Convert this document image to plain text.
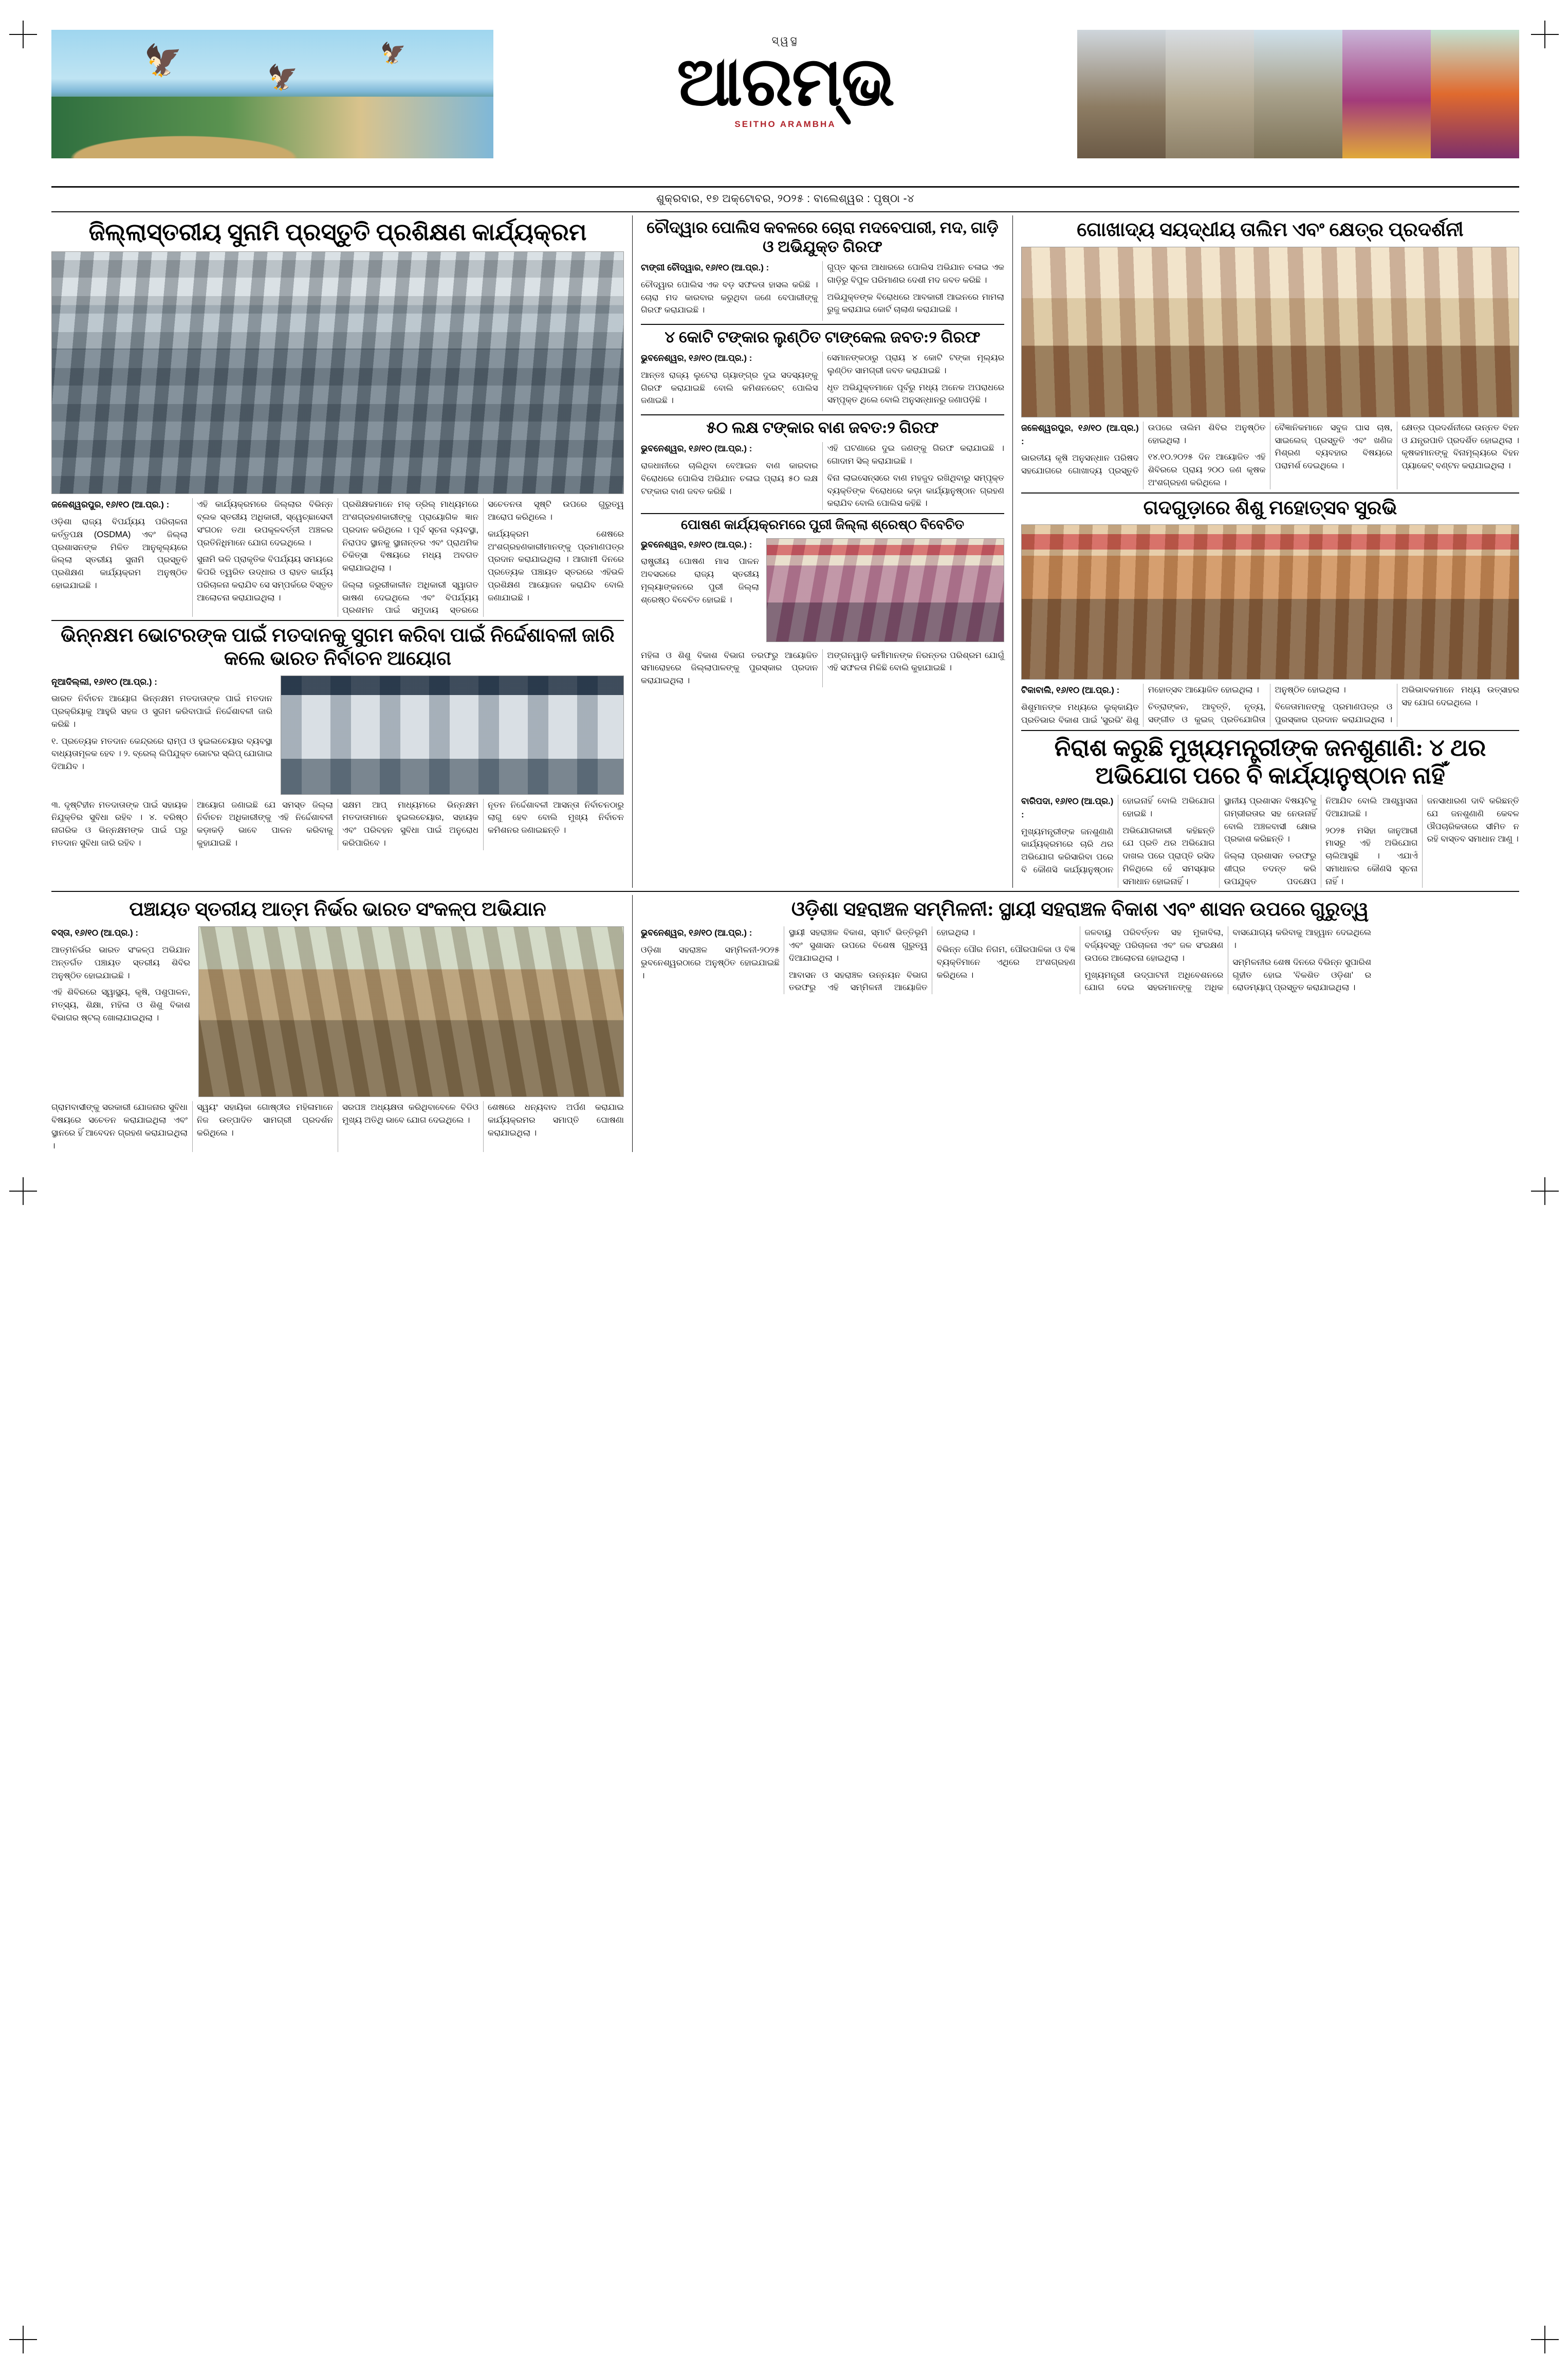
🦅
🦅
🦅
ସ୍ୱସ୍ଥ
ଆରମ୍ଭ
SEITHO ARAMBHA
ଶୁକ୍ରବାର, ୧୭ ଅକ୍ଟୋବର, ୨୦୨୫ : ବାଲେଶ୍ୱର : ପୃଷ୍ଠା -୪
ଜିଲ୍ଲାସ୍ତରୀୟ ସୁନାମି ପ୍ରସ୍ତୁତି ପ୍ରଶିକ୍ଷଣ କାର୍ଯ୍ୟକ୍ରମ

ଜଳେଶ୍ୱରପୁର, ୧୬/୧୦ (ଆ.ପ୍ର.) :

ଓଡ଼ିଶା ରାଜ୍ୟ ବିପର୍ଯ୍ୟୟ ପରିଚାଳନା କର୍ତ୍ତୃପକ୍ଷ (OSDMA) ଏବଂ ଜିଲ୍ଲା ପ୍ରଶାସନଙ୍କ ମିଳିତ ଆନୁକୂଲ୍ୟରେ ଜିଲ୍ଲା ସ୍ତରୀୟ ସୁନାମି ପ୍ରସ୍ତୁତି ପ୍ରଶିକ୍ଷଣ କାର୍ଯ୍ୟକ୍ରମ ଅନୁଷ୍ଠିତ ହୋଇଯାଇଛି ।

ଏହି କାର୍ଯ୍ୟକ୍ରମରେ ଜିଲ୍ଲାର ବିଭିନ୍ନ ବ୍ଲକ ସ୍ତରୀୟ ଅଧିକାରୀ, ସ୍ୱେଚ୍ଛାସେବୀ ସଂଗଠନ ତଥା ଉପକୂଳବର୍ତ୍ତୀ ଅଞ୍ଚଳର ପ୍ରତିନିଧିମାନେ ଯୋଗ ଦେଇଥିଲେ ।

ସୁନାମି ଭଳି ପ୍ରାକୃତିକ ବିପର୍ଯ୍ୟୟ ସମୟରେ କିପରି ତ୍ୱରିତ ଉଦ୍ଧାର ଓ ରାହତ କାର୍ଯ୍ୟ ପରିଚାଳନା କରାଯିବ ସେ ସମ୍ପର୍କରେ ବିସ୍ତୃତ ଆଲୋଚନା କରାଯାଇଥିଲା ।

ପ୍ରଶିକ୍ଷକମାନେ ମକ୍ ଡ୍ରିଲ୍ ମାଧ୍ୟମରେ ଅଂଶଗ୍ରହଣକାରୀଙ୍କୁ ପ୍ରାୟୋଗିକ ଜ୍ଞାନ ପ୍ରଦାନ କରିଥିଲେ । ପୂର୍ବ ସୂଚନା ବ୍ୟବସ୍ଥା, ନିରାପଦ ସ୍ଥାନକୁ ସ୍ଥାନାନ୍ତର ଏବଂ ପ୍ରାଥମିକ ଚିକିତ୍ସା ବିଷୟରେ ମଧ୍ୟ ଅବଗତ କରାଯାଇଥିଲା ।

ଜିଲ୍ଲା ଜରୁରୀକାଳୀନ ଅଧିକାରୀ ସ୍ୱାଗତ ଭାଷଣ ଦେଇଥିଲେ ଏବଂ ବିପର୍ଯ୍ୟୟ ପ୍ରଶମନ ପାଇଁ ସମୁଦାୟ ସ୍ତରରେ ସଚେତନତା ସୃଷ୍ଟି ଉପରେ ଗୁରୁତ୍ୱ ଆରୋପ କରିଥିଲେ ।

କାର୍ଯ୍ୟକ୍ରମ ଶେଷରେ ଅଂଶଗ୍ରହଣକାରୀମାନଙ୍କୁ ପ୍ରମାଣପତ୍ର ପ୍ରଦାନ କରାଯାଇଥିଲା । ଆଗାମୀ ଦିନରେ ପ୍ରତ୍ୟେକ ପଞ୍ଚାୟତ ସ୍ତରରେ ଏହିଭଳି ପ୍ରଶିକ୍ଷଣ ଆୟୋଜନ କରାଯିବ ବୋଲି ଜଣାଯାଇଛି ।

ଭିନ୍ନକ୍ଷମ ଭୋଟରଙ୍କ ପାଇଁ ମତଦାନକୁ ସୁଗମ କରିବା ପାଇଁ ନିର୍ଦ୍ଦେଶାବଳୀ ଜାରି କଲେ ଭାରତ ନିର୍ବାଚନ ଆୟୋଗ

ନୂଆଦିଲ୍ଲୀ, ୧୬/୧୦ (ଆ.ପ୍ର.) :

ଭାରତ ନିର୍ବାଚନ ଆୟୋଗ ଭିନ୍ନକ୍ଷମ ମତଦାତାଙ୍କ ପାଇଁ ମତଦାନ ପ୍ରକ୍ରିୟାକୁ ଆହୁରି ସହଜ ଓ ସୁଗମ କରିବାପାଇଁ ନିର୍ଦ୍ଦେଶାବଳୀ ଜାରି କରିଛି ।

୧. ପ୍ରତ୍ୟେକ ମତଦାନ କେନ୍ଦ୍ରରେ ରାମ୍ପ ଓ ହୁଇଲଚେୟାର ବ୍ୟବସ୍ଥା ବାଧ୍ୟତାମୂଳକ ହେବ । ୨. ବ୍ରେଲ୍ ଲିପିଯୁକ୍ତ ଭୋଟର ସ୍ଲିପ୍ ଯୋଗାଇ ଦିଆଯିବ ।

୩. ଦୃଷ୍ଟିହୀନ ମତଦାତାଙ୍କ ପାଇଁ ସହାୟକ ନିଯୁକ୍ତିର ସୁବିଧା ରହିବ । ୪. ବରିଷ୍ଠ ନାଗରିକ ଓ ଭିନ୍ନକ୍ଷମଙ୍କ ପାଇଁ ଘରୁ ମତଦାନ ସୁବିଧା ଜାରି ରହିବ ।

ଆୟୋଗ ଜଣାଇଛି ଯେ ସମସ୍ତ ଜିଲ୍ଲା ନିର୍ବାଚନ ଅଧିକାରୀଙ୍କୁ ଏହି ନିର୍ଦ୍ଦେଶାବଳୀ କଡ଼ାକଡ଼ି ଭାବେ ପାଳନ କରିବାକୁ କୁହାଯାଇଛି ।

ସକ୍ଷମ ଆପ୍ ମାଧ୍ୟମରେ ଭିନ୍ନକ୍ଷମ ମତଦାତାମାନେ ହୁଇଲଚେୟାର, ସହାୟକ ଏବଂ ପରିବହନ ସୁବିଧା ପାଇଁ ଅନୁରୋଧ କରିପାରିବେ ।

ନୂତନ ନିର୍ଦ୍ଦେଶାବଳୀ ଆସନ୍ତା ନିର୍ବାଚନଠାରୁ ଲାଗୁ ହେବ ବୋଲି ମୁଖ୍ୟ ନିର୍ବାଚନ କମିଶନର ଜଣାଇଛନ୍ତି ।

ଚୌଦ୍ୱାର ପୋଲିସ କବଳରେ ଚୋରା ମଦବେପାରୀ, ମଦ, ଗାଡ଼ି ଓ ଅଭିଯୁକ୍ତ ଗିରଫ

ଟାଙ୍ଗୀ ଚୌଦ୍ୱାର, ୧୬/୧୦ (ଆ.ପ୍ର.) :

ଚୌଦ୍ୱାର ପୋଲିସ ଏକ ବଡ଼ ସଫଳତା ହାସଲ କରିଛି । ଚୋରା ମଦ କାରବାର କରୁଥିବା ଜଣେ ବେପାରୀଙ୍କୁ ଗିରଫ କରାଯାଇଛି ।

ଗୁପ୍ତ ସୂଚନା ଆଧାରରେ ପୋଲିସ ଅଭିଯାନ ଚଳାଇ ଏକ ଗାଡ଼ିରୁ ବିପୁଳ ପରିମାଣର ଦେଶୀ ମଦ ଜବତ କରିଛି ।

ଅଭିଯୁକ୍ତଙ୍କ ବିରୋଧରେ ଆବକାରୀ ଆଇନରେ ମାମଲା ରୁଜୁ କରାଯାଇ କୋର୍ଟ ଚାଲାଣ କରାଯାଇଛି ।

୪ କୋଟି ଟଙ୍କାର ଲୁଣ୍ଠିତ ଟାଙ୍କେଲ ଜବତ:୨ ଗିରଫ

ଭୁବନେଶ୍ୱର, ୧୬/୧୦ (ଆ.ପ୍ର.) :

ଆନ୍ତଃ ରାଜ୍ୟ ଲୁଟେରା ଗ୍ୟାଙ୍ଗ୍‌ର ଦୁଇ ସଦସ୍ୟଙ୍କୁ ଗିରଫ କରାଯାଇଛି ବୋଲି କମିଶନରେଟ୍ ପୋଲିସ ଜଣାଇଛି ।

ସେମାନଙ୍କଠାରୁ ପ୍ରାୟ ୪ କୋଟି ଟଙ୍କା ମୂଲ୍ୟର ଲୁଣ୍ଠିତ ସାମଗ୍ରୀ ଜବତ କରାଯାଇଛି ।

ଧୃତ ଅଭିଯୁକ୍ତମାନେ ପୂର୍ବରୁ ମଧ୍ୟ ଅନେକ ଅପରାଧରେ ସମ୍ପୃକ୍ତ ଥିଲେ ବୋଲି ଅନୁସନ୍ଧାନରୁ ଜଣାପଡ଼ିଛି ।

୫୦ ଲକ୍ଷ ଟଙ୍କାର ବାଣ ଜବତ:୨ ଗିରଫ

ଭୁବନେଶ୍ୱର, ୧୬/୧୦ (ଆ.ପ୍ର.) :

ରାଜଧାନୀରେ ଚାଲିଥିବା ବେଆଇନ ବାଣ କାରବାର ବିରୋଧରେ ପୋଲିସ ଅଭିଯାନ ଚଳାଇ ପ୍ରାୟ ୫୦ ଲକ୍ଷ ଟଙ୍କାର ବାଣ ଜବତ କରିଛି ।

ଏହି ଘଟଣାରେ ଦୁଇ ଜଣଙ୍କୁ ଗିରଫ କରାଯାଇଛି । ଗୋଦାମ ସିଲ୍ କରାଯାଇଛି ।

ବିନା ଲାଇସେନ୍ସରେ ବାଣ ମହଜୁଦ ରଖିଥିବାରୁ ସମ୍ପୃକ୍ତ ବ୍ୟକ୍ତିଙ୍କ ବିରୋଧରେ କଡ଼ା କାର୍ଯ୍ୟାନୁଷ୍ଠାନ ଗ୍ରହଣ କରାଯିବ ବୋଲି ପୋଲିସ କହିଛି ।

ପୋଷଣ କାର୍ଯ୍ୟକ୍ରମରେ ପୁରୀ ଜିଲ୍ଲା ଶ୍ରେଷ୍ଠ ବିବେଚିତ

ଭୁବନେଶ୍ୱର, ୧୬/୧୦ (ଆ.ପ୍ର.) :

ରାଷ୍ଟ୍ରୀୟ ପୋଷଣ ମାସ ପାଳନ ଅବସରରେ ରାଜ୍ୟ ସ୍ତରୀୟ ମୂଲ୍ୟାଙ୍କନରେ ପୁରୀ ଜିଲ୍ଲା ଶ୍ରେଷ୍ଠ ବିବେଚିତ ହୋଇଛି ।

ମହିଳା ଓ ଶିଶୁ ବିକାଶ ବିଭାଗ ତରଫରୁ ଆୟୋଜିତ ସମାରୋହରେ ଜିଲ୍ଲାପାଳଙ୍କୁ ପୁରସ୍କାର ପ୍ରଦାନ କରାଯାଇଥିଲା ।

ଅଙ୍ଗନୱାଡ଼ି କର୍ମୀମାନଙ୍କ ନିରନ୍ତର ପରିଶ୍ରମ ଯୋଗୁଁ ଏହି ସଫଳତା ମିଳିଛି ବୋଲି କୁହାଯାଇଛି ।

ଗୋଖାଦ୍ୟ ସୟଦ୍ଧୀୟ ତାଲିମ ଏବଂ କ୍ଷେତ୍ର ପ୍ରଦର୍ଶନୀ

ଜଳେଶ୍ୱରପୁର, ୧୬/୧୦ (ଆ.ପ୍ର.) :

ଭାରତୀୟ କୃଷି ଅନୁସନ୍ଧାନ ପରିଷଦ ସହଯୋଗରେ ଗୋଖାଦ୍ୟ ପ୍ରସ୍ତୁତି ଉପରେ ତାଲିମ ଶିବିର ଅନୁଷ୍ଠିତ ହୋଇଥିଲା ।

୧୪.୧୦.୨୦୨୫ ଦିନ ଆୟୋଜିତ ଏହି ଶିବିରରେ ପ୍ରାୟ ୨୦୦ ଜଣ କୃଷକ ଅଂଶଗ୍ରହଣ କରିଥିଲେ ।

ବୈଜ୍ଞାନିକମାନେ ସବୁଜ ଘାସ ଚାଷ, ସାଇଲେଜ୍ ପ୍ରସ୍ତୁତି ଏବଂ ଖଣିଜ ମିଶ୍ରଣ ବ୍ୟବହାର ବିଷୟରେ ପରାମର୍ଶ ଦେଇଥିଲେ ।

କ୍ଷେତ୍ର ପ୍ରଦର୍ଶନୀରେ ଉନ୍ନତ ବିହନ ଓ ଯନ୍ତ୍ରପାତି ପ୍ରଦର୍ଶିତ ହୋଇଥିଲା । କୃଷକମାନଙ୍କୁ ବିନାମୂଲ୍ୟରେ ବିହନ ପ୍ୟାକେଟ୍ ବଣ୍ଟନ କରାଯାଇଥିଲା ।

ଗଦଗୁଡ଼ାରେ ଶିଶୁ ମହୋତ୍ସବ ସୁରଭି

ଟିକାବାଲି, ୧୬/୧୦ (ଆ.ପ୍ର.) :

ଶିଶୁମାନଙ୍କ ମଧ୍ୟରେ ଲୁକ୍କାୟିତ ପ୍ରତିଭାର ବିକାଶ ପାଇଁ 'ସୁରଭି' ଶିଶୁ ମହୋତ୍ସବ ଆୟୋଜିତ ହୋଇଥିଲା ।

ଚିତ୍ରାଙ୍କନ, ଆବୃତ୍ତି, ନୃତ୍ୟ, ସଙ୍ଗୀତ ଓ କୁଇଜ୍ ପ୍ରତିଯୋଗିତା ଅନୁଷ୍ଠିତ ହୋଇଥିଲା ।

ବିଜେତାମାନଙ୍କୁ ପ୍ରମାଣପତ୍ର ଓ ପୁରସ୍କାର ପ୍ରଦାନ କରାଯାଇଥିଲା । ଅଭିଭାବକମାନେ ମଧ୍ୟ ଉତ୍ସାହର ସହ ଯୋଗ ଦେଇଥିଲେ ।

ନିରାଶ କରୁଛି ମୁଖ୍ୟମନ୍ତ୍ରୀଙ୍କ ଜନଶୁଣାଣି: ୪ ଥର ଅଭିଯୋଗ ପରେ ବି କାର୍ଯ୍ୟାନୁଷ୍ଠାନ ନାହିଁ

ବାରିପଦା, ୧୬/୧୦ (ଆ.ପ୍ର.) :

ମୁଖ୍ୟମନ୍ତ୍ରୀଙ୍କ ଜନଶୁଣାଣି କାର୍ଯ୍ୟକ୍ରମରେ ଚାରି ଥର ଅଭିଯୋଗ କରିସାରିବା ପରେ ବି କୌଣସି କାର୍ଯ୍ୟାନୁଷ୍ଠାନ ହୋଇନାହିଁ ବୋଲି ଅଭିଯୋଗ ହୋଇଛି ।

ଅଭିଯୋଗକାରୀ କହିଛନ୍ତି ଯେ ପ୍ରତି ଥର ଅଭିଯୋଗ ଦାଖଲ ପରେ ପ୍ରାପ୍ତି ରସିଦ ମିଳିଥିଲେ ହେଁ ସମସ୍ୟାର ସମାଧାନ ହୋଇନାହିଁ ।

ସ୍ଥାନୀୟ ପ୍ରଶାସନ ବିଷୟଟିକୁ ଗମ୍ଭୀରତାର ସହ ନେଉନାହିଁ ବୋଲି ଅଞ୍ଚଳବାସୀ କ୍ଷୋଭ ପ୍ରକାଶ କରିଛନ୍ତି ।

ଜିଲ୍ଲା ପ୍ରଶାସନ ତରଫରୁ ଶୀଘ୍ର ତଦନ୍ତ କରି ଉପଯୁକ୍ତ ପଦକ୍ଷେପ ନିଆଯିବ ବୋଲି ଆଶ୍ୱାସନା ଦିଆଯାଇଛି ।

୨୦୨୫ ମସିହା ଜାନୁଆରୀ ମାସରୁ ଏହି ଅଭିଯୋଗ ଚାଲିଆସୁଛି । ଏଯାଏଁ ସମାଧାନର କୌଣସି ସୂଚନା ନାହିଁ ।

ଜନସାଧାରଣ ଦାବି କରିଛନ୍ତି ଯେ ଜନଶୁଣାଣି କେବଳ ଔପଚାରିକତାରେ ସୀମିତ ନ ରହି ବାସ୍ତବ ସମାଧାନ ଆଣୁ ।

ପଞ୍ଚାୟତ ସ୍ତରୀୟ ଆତ୍ମ ନିର୍ଭର ଭାରତ ସଂକଳ୍ପ ଅଭିଯାନ

ବସ୍ତା, ୧୬/୧୦ (ଆ.ପ୍ର.) :

ଆତ୍ମନିର୍ଭର ଭାରତ ସଂକଳ୍ପ ଅଭିଯାନ ଅନ୍ତର୍ଗତ ପଞ୍ଚାୟତ ସ୍ତରୀୟ ଶିବିର ଅନୁଷ୍ଠିତ ହୋଇଯାଇଛି ।

ଏହି ଶିବିରରେ ସ୍ୱାସ୍ଥ୍ୟ, କୃଷି, ପଶୁପାଳନ, ମତ୍ସ୍ୟ, ଶିକ୍ଷା, ମହିଳା ଓ ଶିଶୁ ବିକାଶ ବିଭାଗର ଷ୍ଟଲ୍ ଖୋଲାଯାଇଥିଲା ।

ଗ୍ରାମବାସୀଙ୍କୁ ସରକାରୀ ଯୋଜନାର ସୁବିଧା ବିଷୟରେ ସଚେତନ କରାଯାଇଥିଲା ଏବଂ ସ୍ଥାନରେ ହିଁ ଆବେଦନ ଗ୍ରହଣ କରାଯାଇଥିଲା ।

ସ୍ୱୟଂ ସହାୟିକା ଗୋଷ୍ଠୀର ମହିଳାମାନେ ନିଜ ଉତ୍ପାଦିତ ସାମଗ୍ରୀ ପ୍ରଦର୍ଶନ କରିଥିଲେ ।

ସରପଞ୍ଚ ଅଧ୍ୟକ୍ଷତା କରିଥିବାବେଳେ ବିଡିଓ ମୁଖ୍ୟ ଅତିଥି ଭାବେ ଯୋଗ ଦେଇଥିଲେ ।

ଶେଷରେ ଧନ୍ୟବାଦ ଅର୍ପଣ କରାଯାଇ କାର୍ଯ୍ୟକ୍ରମର ସମାପ୍ତି ଘୋଷଣା କରାଯାଇଥିଲା ।

ଓଡ଼ିଶା ସହରାଞ୍ଚଳ ସମ୍ମିଳନୀ: ସ୍ଥାୟୀ ସହରାଞ୍ଚଳ ବିକାଶ ଏବଂ ଶାସନ ଉପରେ ଗୁରୁତ୍ୱ

ଭୁବନେଶ୍ୱର, ୧୬/୧୦ (ଆ.ପ୍ର.) :

ଓଡ଼ିଶା ସହରାଞ୍ଚଳ ସମ୍ମିଳନୀ-୨୦୨୫ ଭୁବନେଶ୍ୱରଠାରେ ଅନୁଷ୍ଠିତ ହୋଇଯାଇଛି ।

ସ୍ଥାୟୀ ସହରାଞ୍ଚଳ ବିକାଶ, ସ୍ମାର୍ଟ ଭିତ୍ତିଭୂମି ଏବଂ ସୁଶାସନ ଉପରେ ବିଶେଷ ଗୁରୁତ୍ୱ ଦିଆଯାଇଥିଲା ।

ଆବାସନ ଓ ସହରାଞ୍ଚଳ ଉନ୍ନୟନ ବିଭାଗ ତରଫରୁ ଏହି ସମ୍ମିଳନୀ ଆୟୋଜିତ ହୋଇଥିଲା ।

ବିଭିନ୍ନ ପୌର ନିଗମ, ପୌରପାଳିକା ଓ ବିଜ୍ଞ ବ୍ୟକ୍ତିମାନେ ଏଥିରେ ଅଂଶଗ୍ରହଣ କରିଥିଲେ ।

ଜଳବାୟୁ ପରିବର୍ତ୍ତନ ସହ ମୁକାବିଲା, ବର୍ଜ୍ୟବସ୍ତୁ ପରିଚାଳନା ଏବଂ ଜଳ ସଂରକ୍ଷଣ ଉପରେ ଆଲୋଚନା ହୋଇଥିଲା ।

ମୁଖ୍ୟମନ୍ତ୍ରୀ ଉଦ୍‌ଘାଟନୀ ଅଧିବେଶନରେ ଯୋଗ ଦେଇ ସହରମାନଙ୍କୁ ଅଧିକ ବାସଯୋଗ୍ୟ କରିବାକୁ ଆହ୍ୱାନ ଦେଇଥିଲେ ।

ସମ୍ମିଳନୀର ଶେଷ ଦିନରେ ବିଭିନ୍ନ ସୁପାରିଶ ଗୃହୀତ ହୋଇ 'ବିକଶିତ ଓଡ଼ିଶା' ର ରୋଡମ୍ୟାପ୍ ପ୍ରସ୍ତୁତ କରାଯାଇଥିଲା ।
